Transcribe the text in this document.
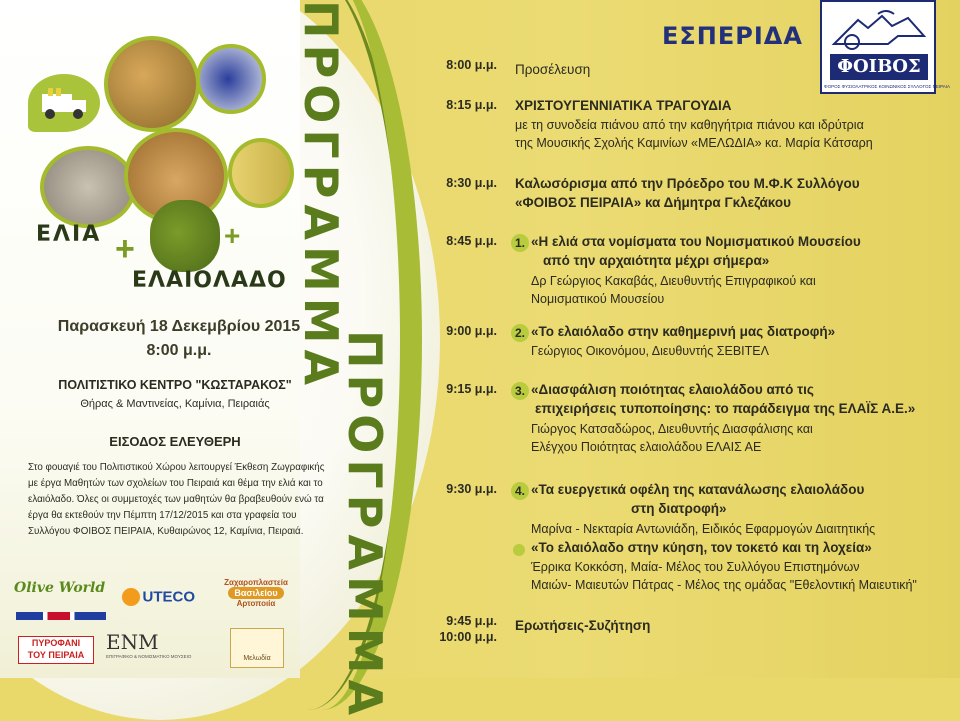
ΠΡΟΓΡΑΜΜΑ
ΠΡΟΓΡΑΜΜΑ
ΕΛΙΑ +	+
ΕΛΑΙΟΛΑΔΟ
Παρασκευή 18 Δεκεμβρίου 2015
8:00 μ.μ.
ΠΟΛΙΤΙΣΤΙΚΟ ΚΕΝΤΡΟ "ΚΩΣΤΑΡΑΚΟΣ"
Θήρας & Μαντινείας, Καμίνια, Πειραιάς
ΕΙΣΟΔΟΣ ΕΛΕΥΘΕΡΗ
Στο φουαγιέ του Πολιτιστικού Χώρου λειτουργεί Έκθεση Ζωγραφικής με έργα Μαθητών των σχολείων του Πειραιά και θέμα την ελιά και το ελαιόλαδο. Όλες οι συμμετοχές των μαθητών θα βραβευθούν ενώ τα έργα θα εκτεθούν την Πέμπτη 17/12/2015 και στα γραφεία του Συλλόγου ΦΟΙΒΟΣ ΠΕΙΡΑΙΑ, Κυθαιρώνος 12, Καμίνια, Πειραιά.
Olive World
UTECO
Ζαχαροπλαστεία
Βασιλείου
Αρτοποιία
ΠΥΡΟΦΑΝΙ
ΤΟΥ ΠΕΙΡΑΙΑ
ENM
ΕΠΙΓΡΑΦΙΚΟ & ΝΟΜΙΣΜΑΤΙΚΟ ΜΟΥΣΕΙΟ	Μελωδία
ΕΣΠΕΡΙΔΑ
ΦΟΙΒΟΣ
ΦΟΡΟΣ ΦΥΣΙΟΛΑΤΡΙΚΟΣ ΚΟΙΝΩΝΙΚΟΣ ΣΥΛΛΟΓΟΣ ΠΕΙΡΑΙΑ
8:00 μ.μ. Προσέλευση
8:15 μ.μ. ΧΡΙΣΤΟΥΓΕΝΝΙΑΤΙΚΑ ΤΡΑΓΟΥΔΙΑ
με τη συνοδεία πιάνου από την καθηγήτρια πιάνου και ιδρύτρια
της Μουσικής Σχολής Καμινίων «ΜΕΛΩΔΙΑ» κα. Μαρία Κάτσαρη
8:30 μ.μ. Καλωσόρισμα από την Πρόεδρο του Μ.Φ.Κ Συλλόγου
«ΦΟΙΒΟΣ ΠΕΙΡΑΙΑ» κα Δήμητρα Γκλεζάκου
8:45 μ.μ.	1. «Η ελιά στα νομίσματα του Νομισματικού Μουσείου
από την αρχαιότητα μέχρι σήμερα»
Δρ Γεώργιος Κακαβάς, Διευθυντής Επιγραφικού και
Νομισματικού Μουσείου
9:00 μ.μ.	2. «Το ελαιόλαδο στην καθημερινή μας διατροφή»
Γεώργιος Οικονόμου, Διευθυντής ΣΕΒΙΤΕΛ
9:15 μ.μ.	3. «Διασφάλιση ποιότητας ελαιολάδου από τις
επιχειρήσεις τυποποίησης: το παράδειγμα της ΕΛΑΪΣ Α.Ε.»
Γιώργος Κατσαδώρος, Διευθυντής Διασφάλισης και
Ελέγχου Ποιότητας ελαιολάδου ΕΛΑΙΣ ΑΕ
9:30 μ.μ.	4. «Τα ευεργετικά οφέλη της κατανάλωσης ελαιολάδου
στη διατροφή»
Μαρίνα - Νεκταρία Αντωνιάδη, Ειδικός Εφαρμογών Διαιτητικής
«Το ελαιόλαδο στην κύηση, τον τοκετό και τη λοχεία»
Έρρικα Κοκκόση, Μαία- Μέλος του Συλλόγου Επιστημόνων
Μαιών- Μαιευτών Πάτρας - Μέλος της ομάδας "Εθελοντική Μαιευτική"
9:45 μ.μ.
10:00 μ.μ.
Ερωτήσεις-Συζήτηση
